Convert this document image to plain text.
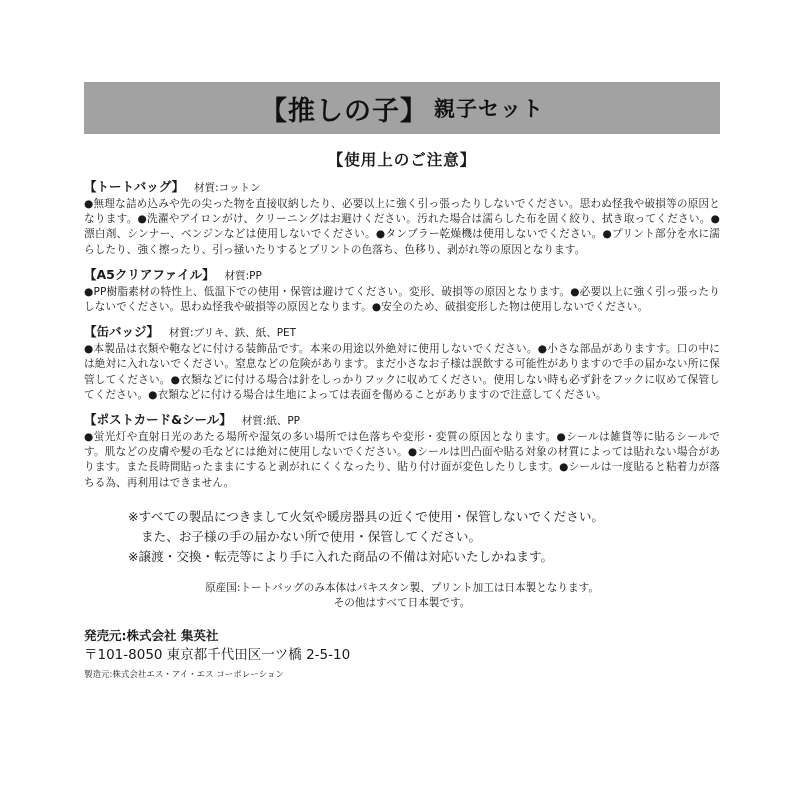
【推しの子】 親子セット
【使用上のご注意】
【トートバッグ】 材質:コットン

●無理な詰め込みや先の尖った物を直接収納したり、必要以上に強く引っ張ったりしないでください。思わぬ怪我や破損等の原因となります。●洗濯やアイロンがけ、クリーニングはお避けください。汚れた場合は濡らした布を固く絞り、拭き取ってください。●漂白剤、シンナー、ベンジンなどは使用しないでください。●タンブラー乾燥機は使用しないでください。●プリント部分を水に濡らしたり、強く擦ったり、引っ掻いたりするとプリントの色落ち、色移り、剥がれ等の原因となります。

【A5クリアファイル】 材質:PP

●PP樹脂素材の特性上、低温下での使用・保管は避けてください。変形、破損等の原因となります。●必要以上に強く引っ張ったりしないでください。思わぬ怪我や破損等の原因となります。●安全のため、破損変形した物は使用しないでください。

【缶バッジ】 材質:ブリキ、鉄、紙、PET

●本製品は衣類や鞄などに付ける装飾品です。本来の用途以外絶対に使用しないでください。●小さな部品がありますす。口の中には絶対に入れないでください。窒息などの危険があります。まだ小さなお子様は誤飲する可能性がありますので手の届かない所に保管してください。●衣類などに付ける場合は針をしっかりフックに収めてください。使用しない時も必ず針をフックに収めて保管してください。●衣類などに付ける場合は生地によっては表面を傷めることがありますので注意してください。

【ポストカード&シール】 材質:紙、PP

●蛍光灯や直射日光のあたる場所や湿気の多い場所では色落ちや変形・変質の原因となります。●シールは雑貨等に貼るシールです。肌などの皮膚や髪の毛などには絶対に使用しないでください。●シールは凹凸面や貼る対象の材質によっては貼れない場合があります。また長時間貼ったままにすると剥がれにくくなったり、貼り付け面が変色したりします。●シールは一度貼ると粘着力が落ちる為、再利用はできません。

※すべての製品につきまして火気や暖房器具の近くで使用・保管しないでください。
また、お子様の手の届かない所で使用・保管してください。
※譲渡・交換・転売等により手に入れた商品の不備は対応いたしかねます。
原産国:トートバッグのみ本体はパキスタン製、プリント加工は日本製となります。
その他はすべて日本製です。
発売元:株式会社 集英社
〒101-8050 東京都千代田区一ツ橋 2-5-10
製造元:株式会社エス・アイ・エス コーポレーション
